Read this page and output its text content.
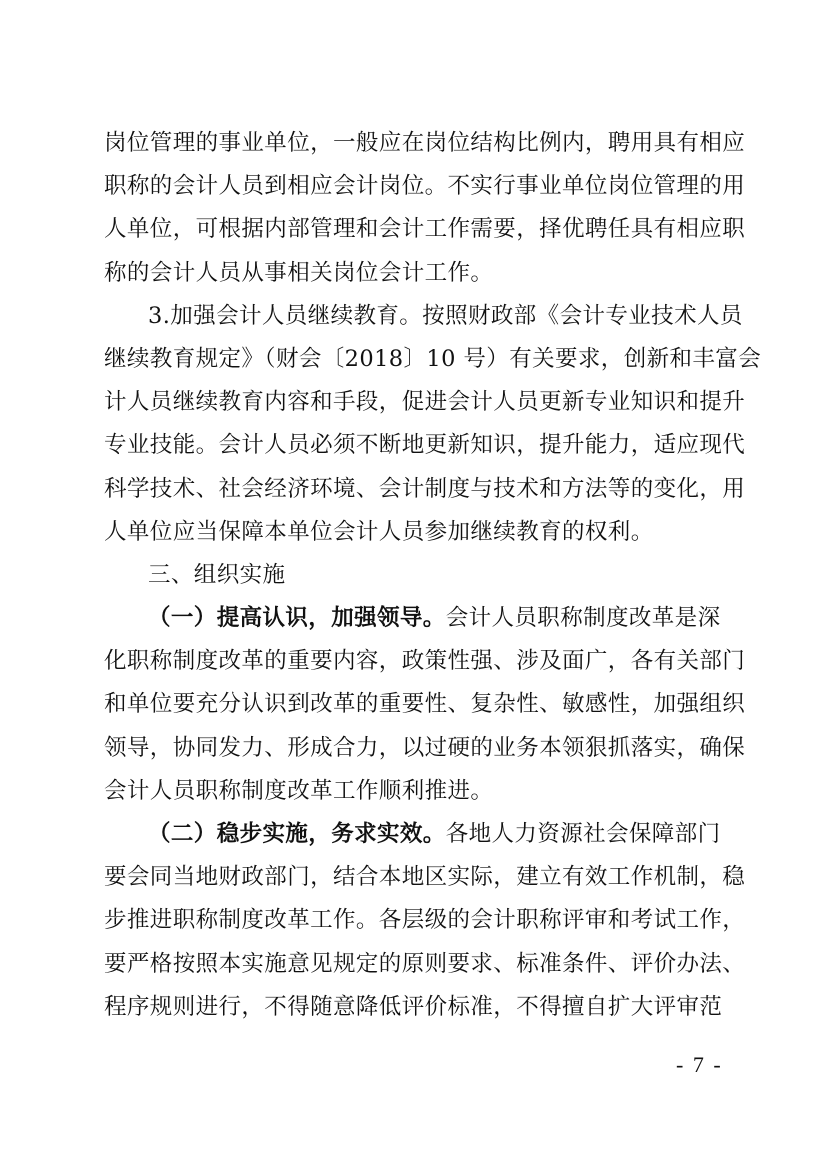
岗位管理的事业单位，一般应在岗位结构比例内，聘用具有相应
职称的会计人员到相应会计岗位。不实行事业单位岗位管理的用
人单位，可根据内部管理和会计工作需要，择优聘任具有相应职
称的会计人员从事相关岗位会计工作。
3.加强会计人员继续教育。按照财政部《会计专业技术人员
继续教育规定》（财会〔2018〕10 号）有关要求，创新和丰富会
计人员继续教育内容和手段，促进会计人员更新专业知识和提升
专业技能。会计人员必须不断地更新知识，提升能力，适应现代
科学技术、社会经济环境、会计制度与技术和方法等的变化，用
人单位应当保障本单位会计人员参加继续教育的权利。
三、组织实施
（一）提高认识，加强领导。会计人员职称制度改革是深
化职称制度改革的重要内容，政策性强、涉及面广，各有关部门
和单位要充分认识到改革的重要性、复杂性、敏感性，加强组织
领导，协同发力、形成合力，以过硬的业务本领狠抓落实，确保
会计人员职称制度改革工作顺利推进。
（二）稳步实施，务求实效。各地人力资源社会保障部门
要会同当地财政部门，结合本地区实际，建立有效工作机制，稳
步推进职称制度改革工作。各层级的会计职称评审和考试工作，
要严格按照本实施意见规定的原则要求、标准条件、评价办法、
程序规则进行，不得随意降低评价标准，不得擅自扩大评审范
- 7 -
